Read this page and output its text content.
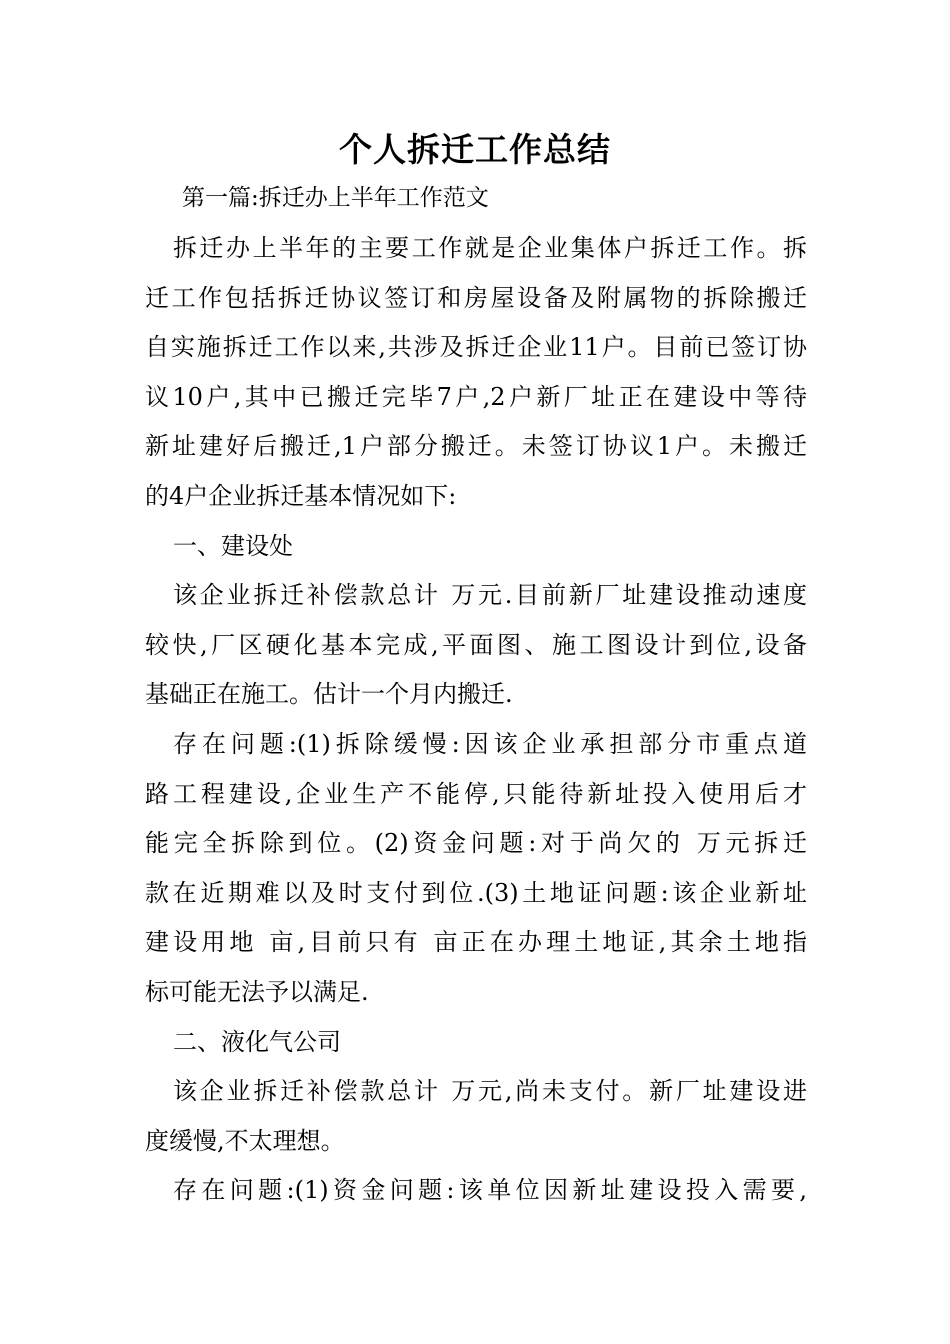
个人拆迁工作总结
第一篇:拆迁办上半年工作范文
拆迁办上半年的主要工作就是企业集体户拆迁工作。拆
迁工作包括拆迁协议签订和房屋设备及附属物的拆除搬迁
自实施拆迁工作以来,共涉及拆迁企业11户。目前已签订协
议10户,其中已搬迁完毕7户,2户新厂址正在建设中等待
新址建好后搬迁,1户部分搬迁。未签订协议1户。未搬迁
的4户企业拆迁基本情况如下:
一、建设处
该企业拆迁补偿款总计 万元.目前新厂址建设推动速度
较快,厂区硬化基本完成,平面图、施工图设计到位,设备
基础正在施工。估计一个月内搬迁.
存在问题:(1)拆除缓慢:因该企业承担部分市重点道
路工程建设,企业生产不能停,只能待新址投入使用后才
能完全拆除到位。(2)资金问题:对于尚欠的 万元拆迁
款在近期难以及时支付到位.(3)土地证问题:该企业新址
建设用地 亩,目前只有 亩正在办理土地证,其余土地指
标可能无法予以满足.
二、液化气公司
该企业拆迁补偿款总计 万元,尚未支付。新厂址建设进
度缓慢,不太理想。
存在问题:(1)资金问题:该单位因新址建设投入需要,
